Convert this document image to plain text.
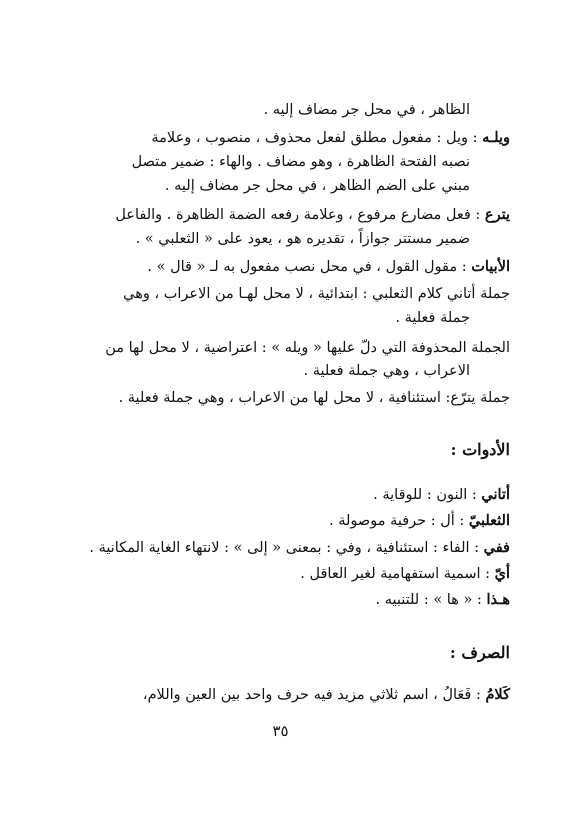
الظاهر ، في محل جر مضاف إليه .
ويلـه : ويل : مفعول مطلق لفعل محذوف ، منصوب ، وعلامة
نصبه الفتحة الظاهرة ، وهو مضاف . والهاء : ضمير متصل
مبني على الضم الظاهر ، في محل جر مضاف إليه .
يترع : فعل مضارع مرفوع ، وعلامة رفعه الضمة الظاهرة . والفاعل
ضمير مستتر جوازاً ، تقديره هو ، يعود على « الثعلبي » .
الأبيات : مقول القول ، في محل نصب مفعول به لـ « قال » .
جملة أتاني كلام الثعلبي : ابتدائية ، لا محل لهـا من الاعراب ، وهي
جملة فعلية .
الجملة المحذوفة التي دلّ عليها « ويله » : اعتراضية ، لا محل لها من
الاعراب ، وهي جملة فعلية .
جملة يترّع: استئنافية ، لا محل لها من الاعراب ، وهي جملة فعلية .
الأدوات :
أتاني : النون : للوقاية .
الثعلبيّ : أل : حرفية موصولة .
ففي : الفاء : استئنافية ، وفي : بمعنى « إلى » : لانتهاء الغاية المكانية .
أيّ : اسمية استفهامية لغير العاقل .
هـذا : « ها » : للتنبيه .
الصرف :
كَلامُ : فَعَالُ ، اسم ثلاثي مزيد فيه حرف واحد بين العين واللام،
٣٥
